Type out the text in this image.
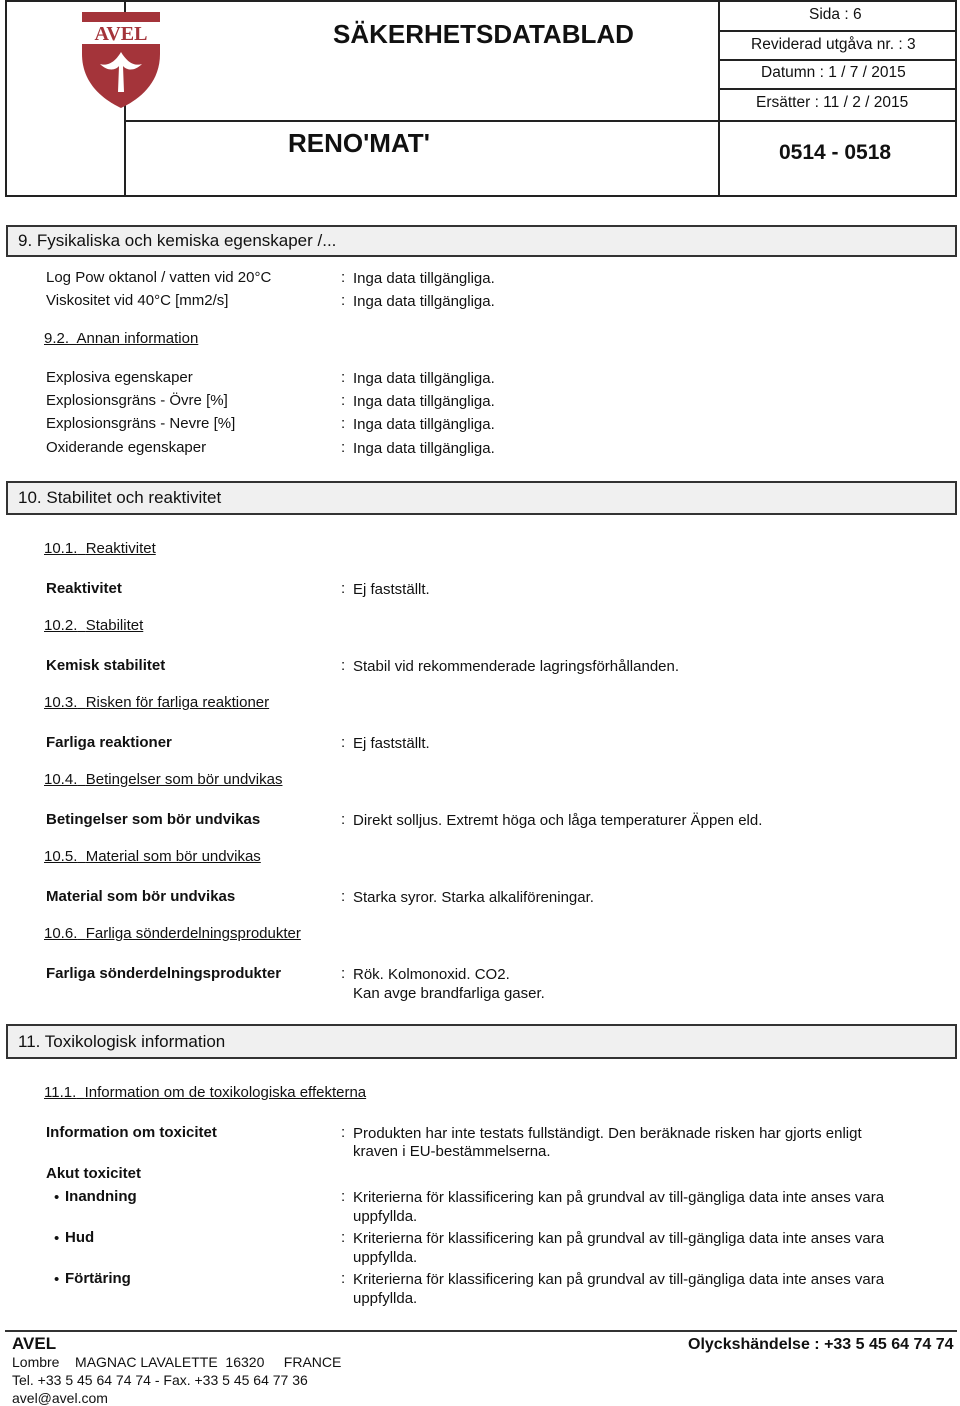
AVEL	SÄKERHETSDATABLAD
RENO'MAT'
Sida : 6
Reviderad utgåva nr. : 3
Datumn : 1 / 7 / 2015
Ersätter : 11 / 2 / 2015
0514 - 0518
9. Fysikaliska och kemiska egenskaper /...
Log Pow oktanol / vatten vid 20°C	: Inga data tillgängliga.
Viskositet vid 40°C [mm2/s]	: Inga data tillgängliga.
9.2. Annan information
Explosiva egenskaper	: Inga data tillgängliga.
Explosionsgräns - Övre [%]	: Inga data tillgängliga.
Explosionsgräns - Nevre [%]	: Inga data tillgängliga.
Oxiderande egenskaper	: Inga data tillgängliga.
10. Stabilitet och reaktivitet
10.1. Reaktivitet
Reaktivitet	: Ej fastställt.
10.2. Stabilitet
Kemisk stabilitet	: Stabil vid rekommenderade lagringsförhållanden.
10.3. Risken för farliga reaktioner
Farliga reaktioner	: Ej fastställt.
10.4. Betingelser som bör undvikas
Betingelser som bör undvikas	: Direkt solljus. Extremt höga och låga temperaturer Äppen eld.
10.5. Material som bör undvikas
Material som bör undvikas	: Starka syror. Starka alkaliföreningar.
10.6. Farliga sönderdelningsprodukter
Farliga sönderdelningsprodukter	: Rök. Kolmonoxid. CO2.
Kan avge brandfarliga gaser.
11. Toxikologisk information
11.1. Information om de toxikologiska effekterna
Information om toxicitet	: Produkten har inte testats fullständigt. Den beräknade risken har gjorts enligt
kraven i EU-bestämmelserna.
Akut toxicitet
• Inandning	: Kriterierna för klassificering kan på grundval av till-gängliga data inte anses vara
uppfyllda.
• Hud	: Kriterierna för klassificering kan på grundval av till-gängliga data inte anses vara
uppfyllda.
• Förtäring	: Kriterierna för klassificering kan på grundval av till-gängliga data inte anses vara
uppfyllda.
AVEL	Olyckshändelse : +33 5 45 64 74 74
Lombre    MAGNAC LAVALETTE  16320     FRANCE
Tel. +33 5 45 64 74 74 - Fax. +33 5 45 64 77 36
avel@avel.com
